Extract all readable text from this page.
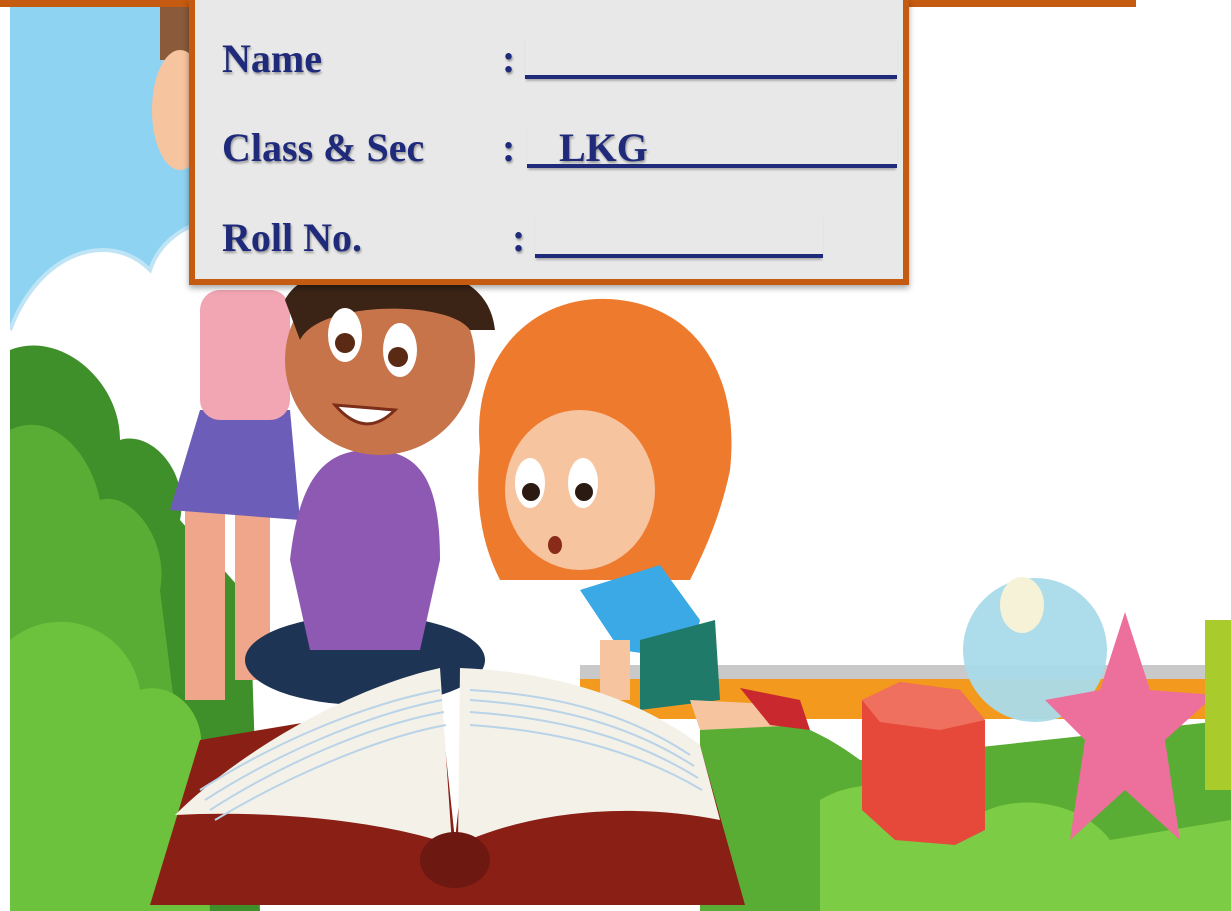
Name	:
Class & Sec : LKG
Roll No.	:
